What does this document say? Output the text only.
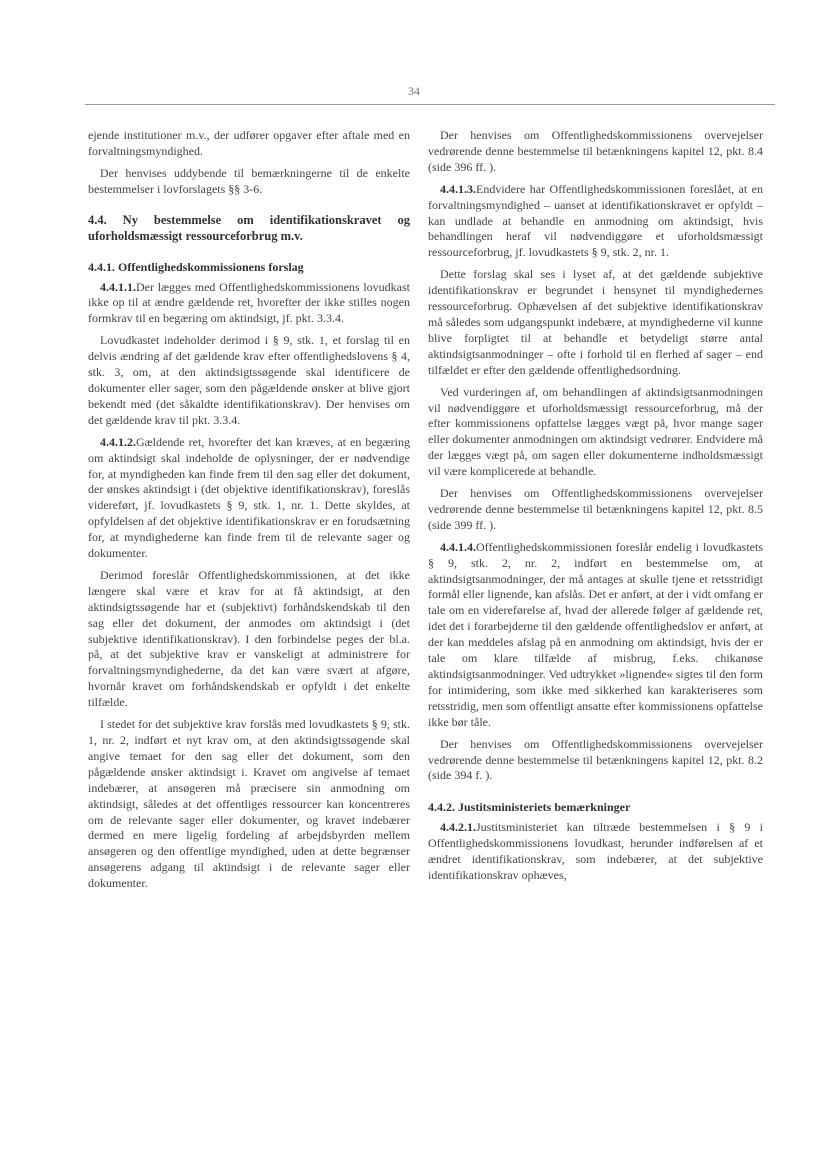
34

ejende institutioner m.v., der udfører opgaver efter aftale med en forvaltningsmyndighed.

Der henvises uddybende til bemærkningerne til de enkelte bestemmelser i lovforslagets §§ 3-6.

4.4. Ny bestemmelse om identifikationskravet og uforholdsmæssigt ressourceforbrug m.v.
4.4.1. Offentlighedskommissionens forslag

4.4.1.1.Der lægges med Offentlighedskommissionens lovudkast ikke op til at ændre gældende ret, hvorefter der ikke stilles nogen formkrav til en begæring om aktindsigt, jf. pkt. 3.3.4.

Lovudkastet indeholder derimod i § 9, stk. 1, et forslag til en delvis ændring af det gældende krav efter offentlighedslovens § 4, stk. 3, om, at den aktindsigtssøgende skal identificere de dokumenter eller sager, som den pågældende ønsker at blive gjort bekendt med (det såkaldte identifikationskrav). Der henvises om det gældende krav til pkt. 3.3.4.

4.4.1.2.Gældende ret, hvorefter det kan kræves, at en begæring om aktindsigt skal indeholde de oplysninger, der er nødvendige for, at myndigheden kan finde frem til den sag eller det dokument, der ønskes aktindsigt i (det objektive identifikationskrav), foreslås videreført, jf. lovudkastets § 9, stk. 1, nr. 1. Dette skyldes, at opfyldelsen af det objektive identifikationskrav er en forudsætning for, at myndighederne kan finde frem til de relevante sager og dokumenter.

Derimod foreslår Offentlighedskommissionen, at det ikke længere skal være et krav for at få aktindsigt, at den aktindsigtssøgende har et (subjektivt) forhåndskendskab til den sag eller det dokument, der anmodes om aktindsigt i (det subjektive identifikationskrav). I den forbindelse peges der bl.a. på, at det subjektive krav er vanskeligt at administrere for forvaltningsmyndighederne, da det kan være svært at afgøre, hvornår kravet om forhåndskendskab er opfyldt i det enkelte tilfælde.

I stedet for det subjektive krav forslås med lovudkastets § 9, stk. 1, nr. 2, indført et nyt krav om, at den aktindsigtssøgende skal angive temaet for den sag eller det dokument, som den pågældende ønsker aktindsigt i. Kravet om angivelse af temaet indebærer, at ansøgeren må præcisere sin anmodning om aktindsigt, således at det offentliges ressourcer kan koncentreres om de relevante sager eller dokumenter, og kravet indebærer dermed en mere ligelig fordeling af arbejdsbyrden mellem ansøgeren og den offentlige myndighed, uden at dette begrænser ansøgerens adgang til aktindsigt i de relevante sager eller dokumenter.

Der henvises om Offentlighedskommissionens overvejelser vedrørende denne bestemmelse til betænkningens kapitel 12, pkt. 8.4 (side 396 ff. ).

4.4.1.3.Endvidere har Offentlighedskommissionen foreslået, at en forvaltningsmyndighed – uanset at identifikationskravet er opfyldt – kan undlade at behandle en anmodning om aktindsigt, hvis behandlingen heraf vil nødvendiggøre et uforholdsmæssigt ressourceforbrug, jf. lovudkastets § 9, stk. 2, nr. 1.

Dette forslag skal ses i lyset af, at det gældende subjektive identifikationskrav er begrundet i hensynet til myndighedernes ressourceforbrug. Ophævelsen af det subjektive identifikationskrav må således som udgangspunkt indebære, at myndighederne vil kunne blive forpligtet til at behandle et betydeligt større antal aktindsigtsanmodninger – ofte i forhold til en flerhed af sager – end tilfældet er efter den gældende offentlighedsordning.

Ved vurderingen af, om behandlingen af aktindsigtsanmodningen vil nødvendiggøre et uforholdsmæssigt ressourceforbrug, må der efter kommissionens opfattelse lægges vægt på, hvor mange sager eller dokumenter anmodningen om aktindsigt vedrører. Endvidere må der lægges vægt på, om sagen eller dokumenterne indholdsmæssigt vil være komplicerede at behandle.

Der henvises om Offentlighedskommissionens overvejelser vedrørende denne bestemmelse til betænkningens kapitel 12, pkt. 8.5 (side 399 ff. ).

4.4.1.4.Offentlighedskommissionen foreslår endelig i lovudkastets § 9, stk. 2, nr. 2, indført en bestemmelse om, at aktindsigtsanmodninger, der må antages at skulle tjene et retsstridigt formål eller lignende, kan afslås. Det er anført, at der i vidt omfang er tale om en videreførelse af, hvad der allerede følger af gældende ret, idet det i forarbejderne til den gældende offentlighedslov er anført, at der kan meddeles afslag på en anmodning om aktindsigt, hvis der er tale om klare tilfælde af misbrug, f.eks. chikanøse aktindsigtsanmodninger. Ved udtrykket »lignende« sigtes til den form for intimidering, som ikke med sikkerhed kan karakteriseres som retsstridig, men som offentligt ansatte efter kommissionens opfattelse ikke bør tåle.

Der henvises om Offentlighedskommissionens overvejelser vedrørende denne bestemmelse til betænkningens kapitel 12, pkt. 8.2 (side 394 f. ).

4.4.2. Justitsministeriets bemærkninger

4.4.2.1.Justitsministeriet kan tiltræde bestemmelsen i § 9 i Offentlighedskommissionens lovudkast, herunder indførelsen af et ændret identifikationskrav, som indebærer, at det subjektive identifikationskrav ophæves,
